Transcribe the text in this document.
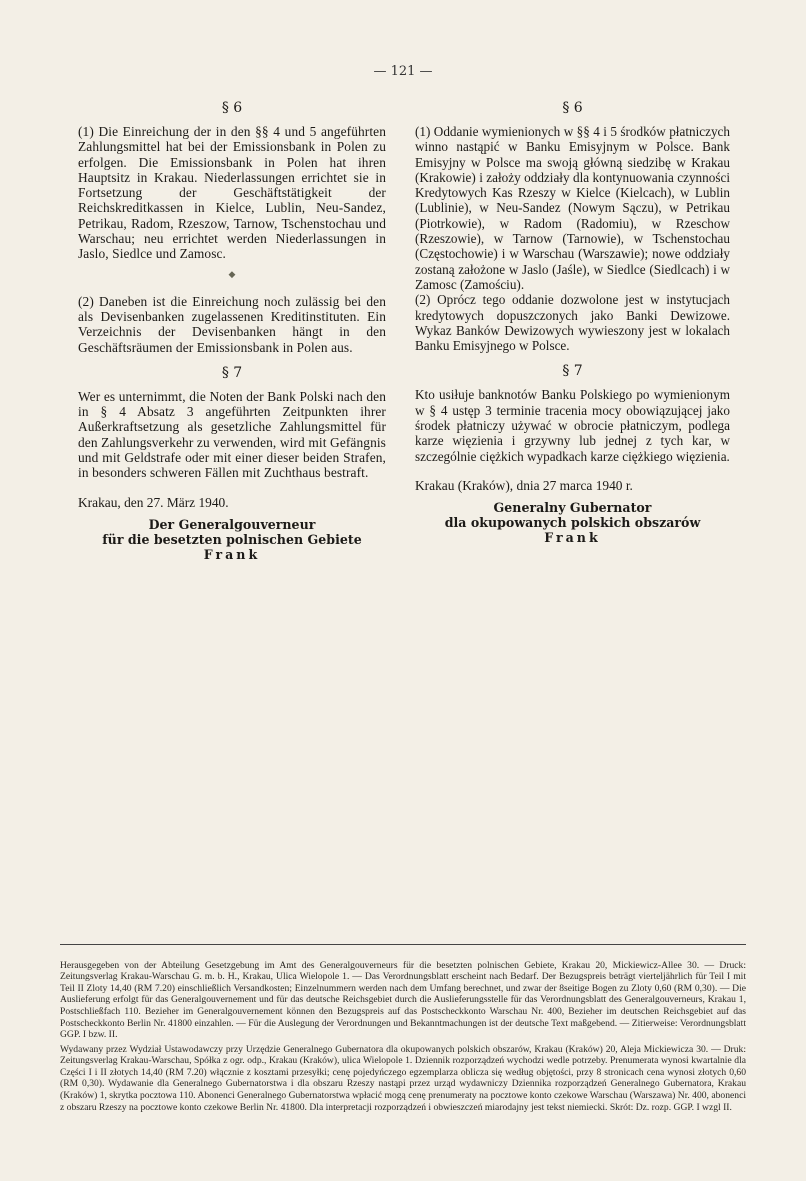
— 121 —
§ 6

(1) Die Einreichung der in den §§ 4 und 5 angeführten Zahlungsmittel hat bei der Emissionsbank in Polen zu erfolgen. Die Emissionsbank in Polen hat ihren Hauptsitz in Krakau. Niederlassungen errichtet sie in Fortsetzung der Geschäftstätigkeit der Reichskreditkassen in Kielce, Lublin, Neu-Sandez, Petrikau, Radom, Rzeszow, Tarnow, Tschenstochau und Warschau; neu errichtet werden Niederlassungen in Jaslo, Siedlce und Zamosc.

◆

(2) Daneben ist die Einreichung noch zulässig bei den als Devisenbanken zugelassenen Kreditinstituten. Ein Verzeichnis der Devisenbanken hängt in den Geschäftsräumen der Emissionsbank in Polen aus.

§ 7

Wer es unternimmt, die Noten der Bank Polski nach den in § 4 Absatz 3 angeführten Zeitpunkten ihrer Außerkraftsetzung als gesetzliche Zahlungsmittel für den Zahlungsverkehr zu verwenden, wird mit Gefängnis und mit Geldstrafe oder mit einer dieser beiden Strafen, in besonders schweren Fällen mit Zuchthaus bestraft.

Krakau, den 27. März 1940.
Der Generalgouverneur
für die besetzten polnischen Gebiete
Frank
§ 6

(1) Oddanie wymienionych w §§ 4 i 5 środków płatniczych winno nastąpić w Banku Emisyjnym w Polsce. Bank Emisyjny w Polsce ma swoją główną siedzibę w Krakau (Krakowie) i założy oddziały dla kontynuowania czynności Kredytowych Kas Rzeszy w Kielce (Kielcach), w Lublin (Lublinie), w Neu-Sandez (Nowym Sączu), w Petrikau (Piotrkowie), w Radom (Radomiu), w Rzeschow (Rzeszowie), w Tarnow (Tarnowie), w Tschenstochau (Częstochowie) i w Warschau (Warszawie); nowe oddziały zostaną założone w Jaslo (Jaśle), w Siedlce (Siedlcach) i w Zamosc (Zamościu).

(2) Oprócz tego oddanie dozwolone jest w instytucjach kredytowych dopuszczonych jako Banki Dewizowe. Wykaz Banków Dewizowych wywieszony jest w lokalach Banku Emisyjnego w Polsce.

§ 7

Kto usiłuje banknotów Banku Polskiego po wymienionym w § 4 ustęp 3 terminie tracenia mocy obowiązującej jako środek płatniczy używać w obrocie płatniczym, podlega karze więzienia i grzywny lub jednej z tych kar, w szczególnie ciężkich wypadkach karze ciężkiego więzienia.

Krakau (Kraków), dnia 27 marca 1940 r.
Generalny Gubernator
dla okupowanych polskich obszarów
Frank

Herausgegeben von der Abteilung Gesetzgebung im Amt des Generalgouverneurs für die besetzten polnischen Gebiete, Krakau 20, Mickiewicz-Allee 30. — Druck: Zeitungsverlag Krakau-Warschau G. m. b. H., Krakau, Ulica Wielopole 1. — Das Verordnungsblatt erscheint nach Bedarf. Der Bezugspreis beträgt vierteljährlich für Teil I mit Teil II Zloty 14,40 (RM 7.20) einschließlich Versandkosten; Einzelnummern werden nach dem Umfang berechnet, und zwar der 8seitige Bogen zu Zloty 0,60 (RM 0,30). — Die Auslieferung erfolgt für das Generalgouvernement und für das deutsche Reichsgebiet durch die Auslieferungsstelle für das Verordnungsblatt des Generalgouverneurs, Krakau 1, Postschließfach 110. Bezieher im Generalgouvernement können den Bezugspreis auf das Postscheckkonto Warschau Nr. 400, Bezieher im deutschen Reichsgebiet auf das Postscheckkonto Berlin Nr. 41800 einzahlen. — Für die Auslegung der Verordnungen und Bekanntmachungen ist der deutsche Text maßgebend. — Zitierweise: Verordnungsblatt GGP. I bzw. II.

Wydawany przez Wydział Ustawodawczy przy Urzędzie Generalnego Gubernatora dla okupowanych polskich obszarów, Krakau (Kraków) 20, Aleja Mickiewicza 30. — Druk: Zeitungsverlag Krakau-Warschau, Spółka z ogr. odp., Krakau (Kraków), ulica Wielopole 1. Dziennik rozporządzeń wychodzi wedle potrzeby. Prenumerata wynosi kwartalnie dla Części I i II złotych 14,40 (RM 7.20) włącznie z kosztami przesyłki; cenę pojedyńczego egzemplarza oblicza się według objętości, przy 8 stronicach cena wynosi złotych 0,60 (RM 0,30). Wydawanie dla Generalnego Gubernatorstwa i dla obszaru Rzeszy nastąpi przez urząd wydawniczy Dziennika rozporządzeń Generalnego Gubernatora, Krakau (Kraków) 1, skrytka pocztowa 110. Abonenci Generalnego Gubernatorstwa wpłacić mogą cenę prenumeraty na pocztowe konto czekowe Warschau (Warszawa) Nr. 400, abonenci z obszaru Rzeszy na pocztowe konto czekowe Berlin Nr. 41800. Dla interpretacji rozporządzeń i obwieszczeń miarodajny jest tekst niemiecki. Skrót: Dz. rozp. GGP. I wzgl II.
